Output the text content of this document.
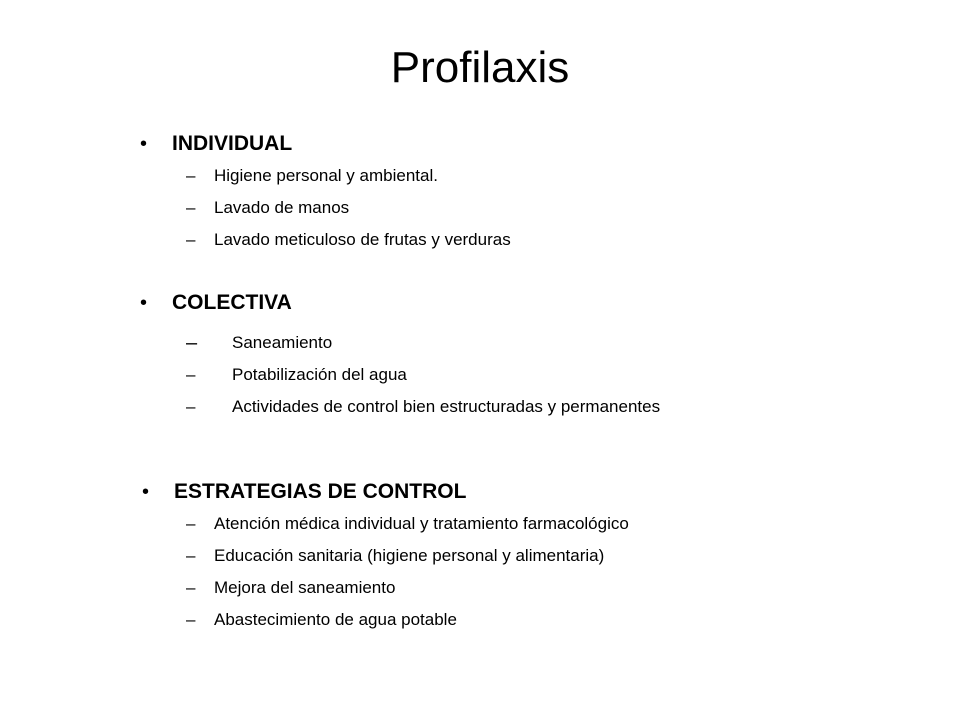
Profilaxis
• INDIVIDUAL
– Higiene personal y ambiental.
– Lavado de manos
– Lavado meticuloso de frutas y verduras
• COLECTIVA
– Saneamiento
– Potabilización del agua
– Actividades de control bien estructuradas y permanentes
• ESTRATEGIAS DE CONTROL
– Atención médica individual y tratamiento farmacológico
– Educación sanitaria (higiene personal y alimentaria)
– Mejora del saneamiento
– Abastecimiento de agua potable
